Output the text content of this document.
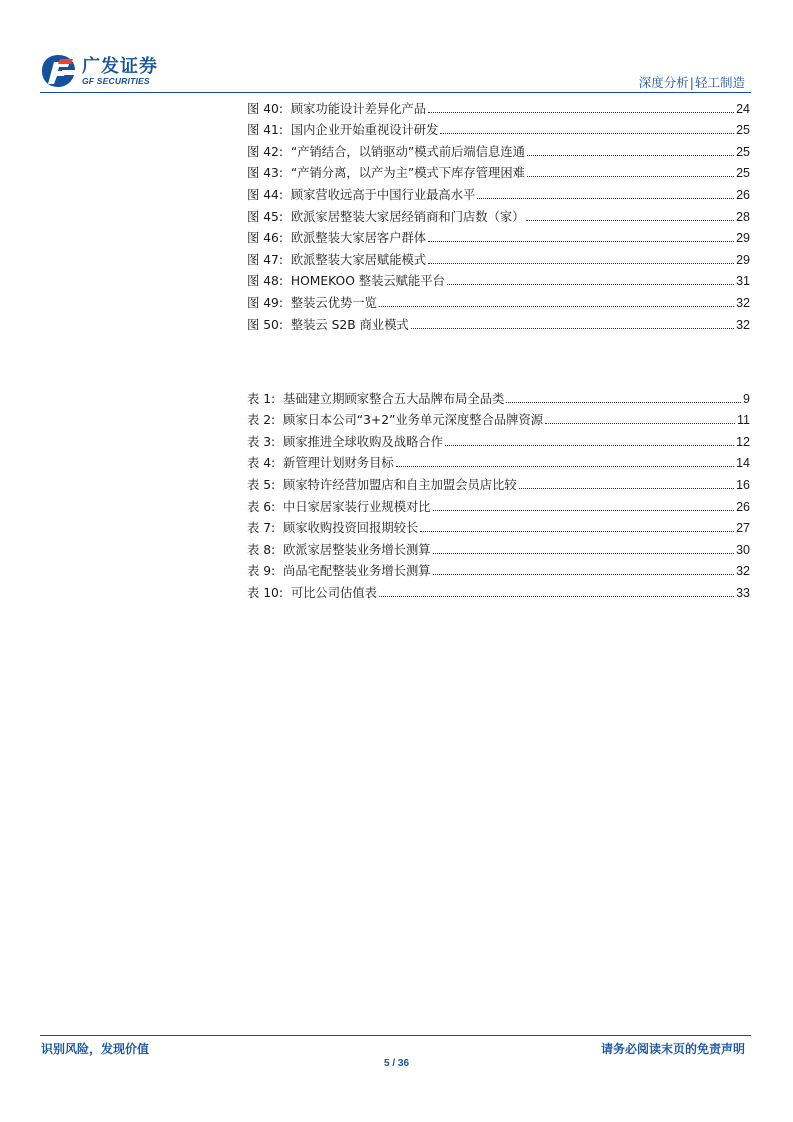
广发证券
GF SECURITIES	深度分析|轻工制造
图 40: 顾家功能设计差异化产品	24
图 41: 国内企业开始重视设计研发	25
图 42: “产销结合，以销驱动”模式前后端信息连通	25
图 43: “产销分离，以产为主”模式下库存管理困难	25
图 44: 顾家营收远高于中国行业最高水平	26
图 45: 欧派家居整装大家居经销商和门店数（家）	28
图 46: 欧派整装大家居客户群体	29
图 47: 欧派整装大家居赋能模式	29
图 48: HOMEKOO 整装云赋能平台	31
图 49: 整装云优势一览	32
图 50: 整装云 S2B 商业模式	32
表 1: 基础建立期顾家整合五大品牌布局全品类	9
表 2: 顾家日本公司“3+2”业务单元深度整合品牌资源	11
表 3: 顾家推进全球收购及战略合作	12
表 4: 新管理计划财务目标	14
表 5: 顾家特许经营加盟店和自主加盟会员店比较	16
表 6: 中日家居家装行业规模对比	26
表 7: 顾家收购投资回报期较长	27
表 8: 欧派家居整装业务增长测算	30
表 9: 尚品宅配整装业务增长测算	32
表 10: 可比公司估值表	33
识别风险，发现价值	请务必阅读末页的免责声明
5 / 36
